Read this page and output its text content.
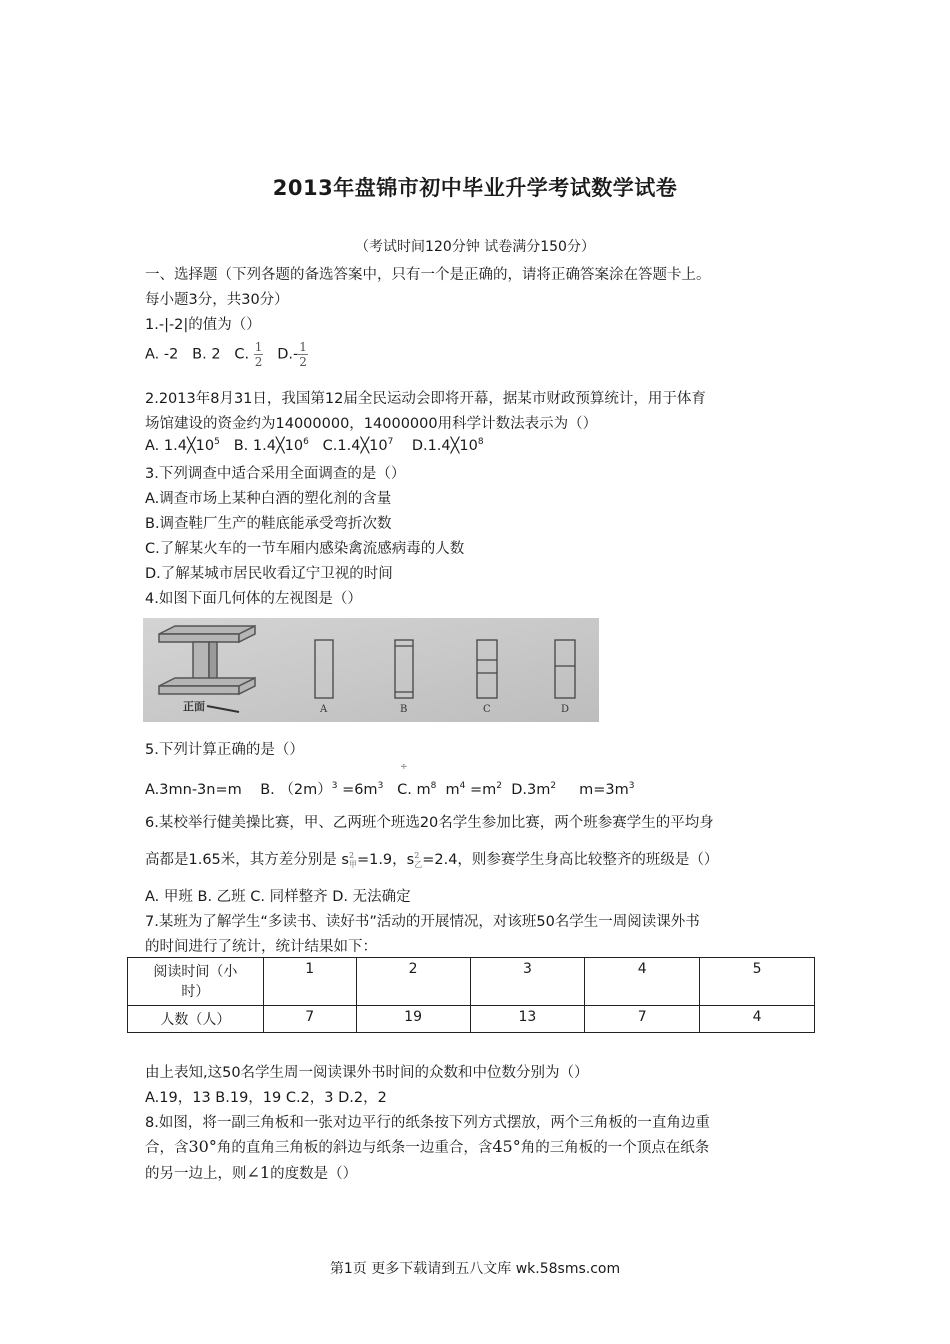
2013年盘锦市初中毕业升学考试数学试卷
（考试时间120分钟 试卷满分150分）
一、选择题（下列各题的备选答案中，只有一个是正确的，请将正确答案涂在答题卡上。
每小题3分，共30分）
1.-|-2|的值为（）
A. -2 B. 2 C. $\frac{1}{2} D.- \frac{1}{2}$
2.2013年8月31日，我国第12届全民运动会即将开幕，据某市财政预算统计，用于体育
场馆建设的资金约为14000000，14000000用科学计数法表示为（）
A. $1.4╳10^5$ B. $1.4╳10^6$ $C.1.4╳10^7$ $D.1.4╳10^8$
3.下列调查中适合采用全面调查的是（）
A.调查市场上某种白酒的塑化剂的含量
B.调查鞋厂生产的鞋底能承受弯折次数
C.了解某火车的一节车厢内感染禽流感病毒的人数
D.了解某城市居民收看辽宁卫视的时间
4.如图下面几何体的左视图是（）
正面	A	B	C	D
5.下列计算正确的是（）
÷
A.3mn-3n=m B. $(2m)^3 =6m^3$ C. $m^8$ $m^4 =m^2$ $D.3m^2$ $m=3m^3$
6.某校举行健美操比赛，甲、乙两班个班选20名学生参加比赛，两个班参赛学生的平均身
高都是1.65米，其方差分别是 s 2
甲 =1.9，s 2
乙 =2.4，则参赛学生身高比较整齐的班级是（）
A. 甲班 B. 乙班 C. 同样整齐 D. 无法确定
7.某班为了解学生“多读书、读好书”活动的开展情况，对该班50名学生一周阅读课外书
的时间进行了统计，统计结果如下：
阅读时间（小
时）	1	2	3	4	5
人数（人）	7	19	13	7	4
由上表知,这50名学生周一阅读课外书时间的众数和中位数分别为（）
A.19，13 B.19，19 C.2，3 D.2，2
8.如图，将一副三角板和一张对边平行的纸条按下列方式摆放，两个三角板的一直角边重
合，含30°角的直角三角板的斜边与纸条一边重合，含45°角的三角板的一个顶点在纸条
的另一边上，则∠1的度数是（）
第1页 更多下载请到五八文库 wk.58sms.com
